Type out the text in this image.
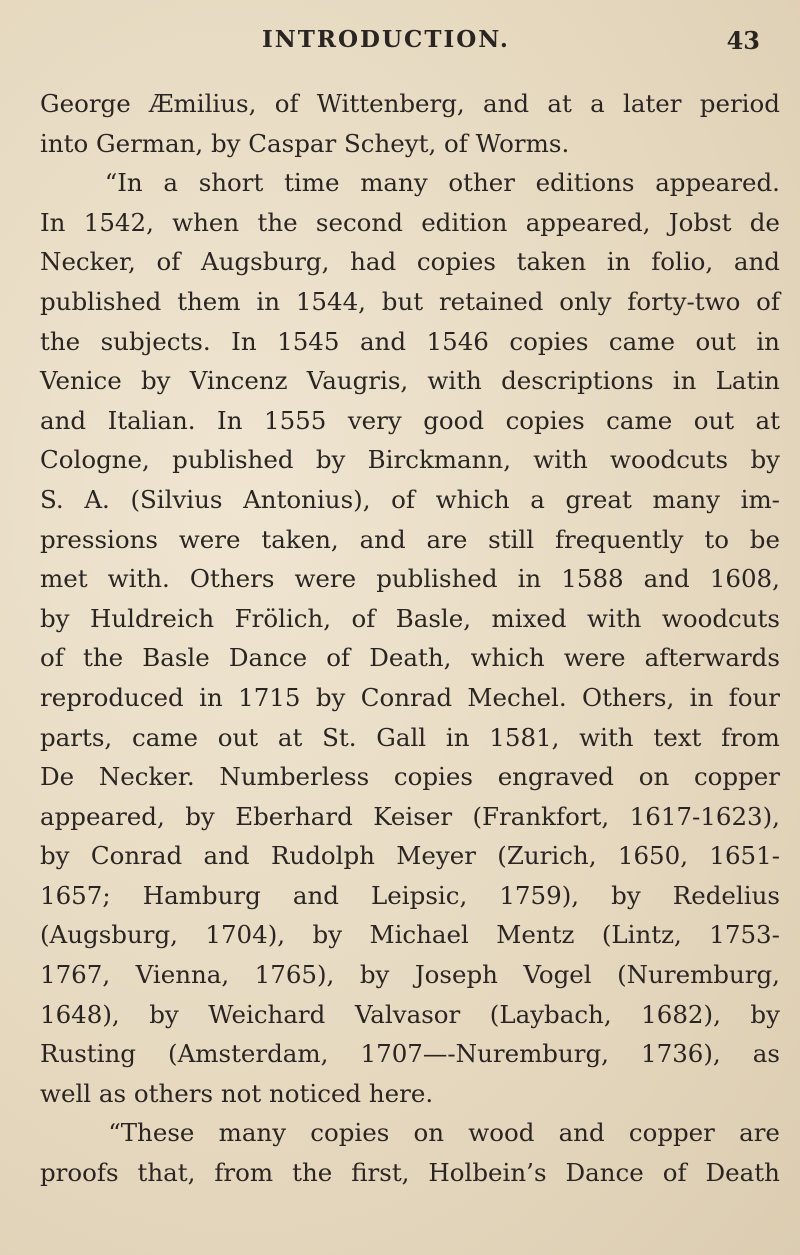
INTRODUCTION.	43

George Æmilius, of Wittenberg, and at a later period
into German, by Caspar Scheyt, of Worms.

“In a short time many other editions appeared.
In 1542, when the second edition appeared, Jobst de
Necker, of Augsburg, had copies taken in folio, and
published them in 1544, but retained only forty-two of
the subjects. In 1545 and 1546 copies came out in
Venice by Vincenz Vaugris, with descriptions in Latin
and Italian. In 1555 very good copies came out at
Cologne, published by Birckmann, with woodcuts by
S. A. (Silvius Antonius), of which a great many im-
pressions were taken, and are still frequently to be
met with. Others were published in 1588 and 1608,
by Huldreich Frölich, of Basle, mixed with woodcuts
of the Basle Dance of Death, which were afterwards
reproduced in 1715 by Conrad Mechel. Others, in four
parts, came out at St. Gall in 1581, with text from
De Necker. Numberless copies engraved on copper
appeared, by Eberhard Keiser (Frankfort, 1617-1623),
by Conrad and Rudolph Meyer (Zurich, 1650, 1651-
1657; Hamburg and Leipsic, 1759), by Redelius
(Augsburg, 1704), by Michael Mentz (Lintz, 1753-
1767, Vienna, 1765), by Joseph Vogel (Nuremburg,
1648), by Weichard Valvasor (Laybach, 1682), by
Rusting (Amsterdam, 1707—-Nuremburg, 1736), as
well as others not noticed here.

“These many copies on wood and copper are
proofs that, from the first, Holbein’s Dance of Death
